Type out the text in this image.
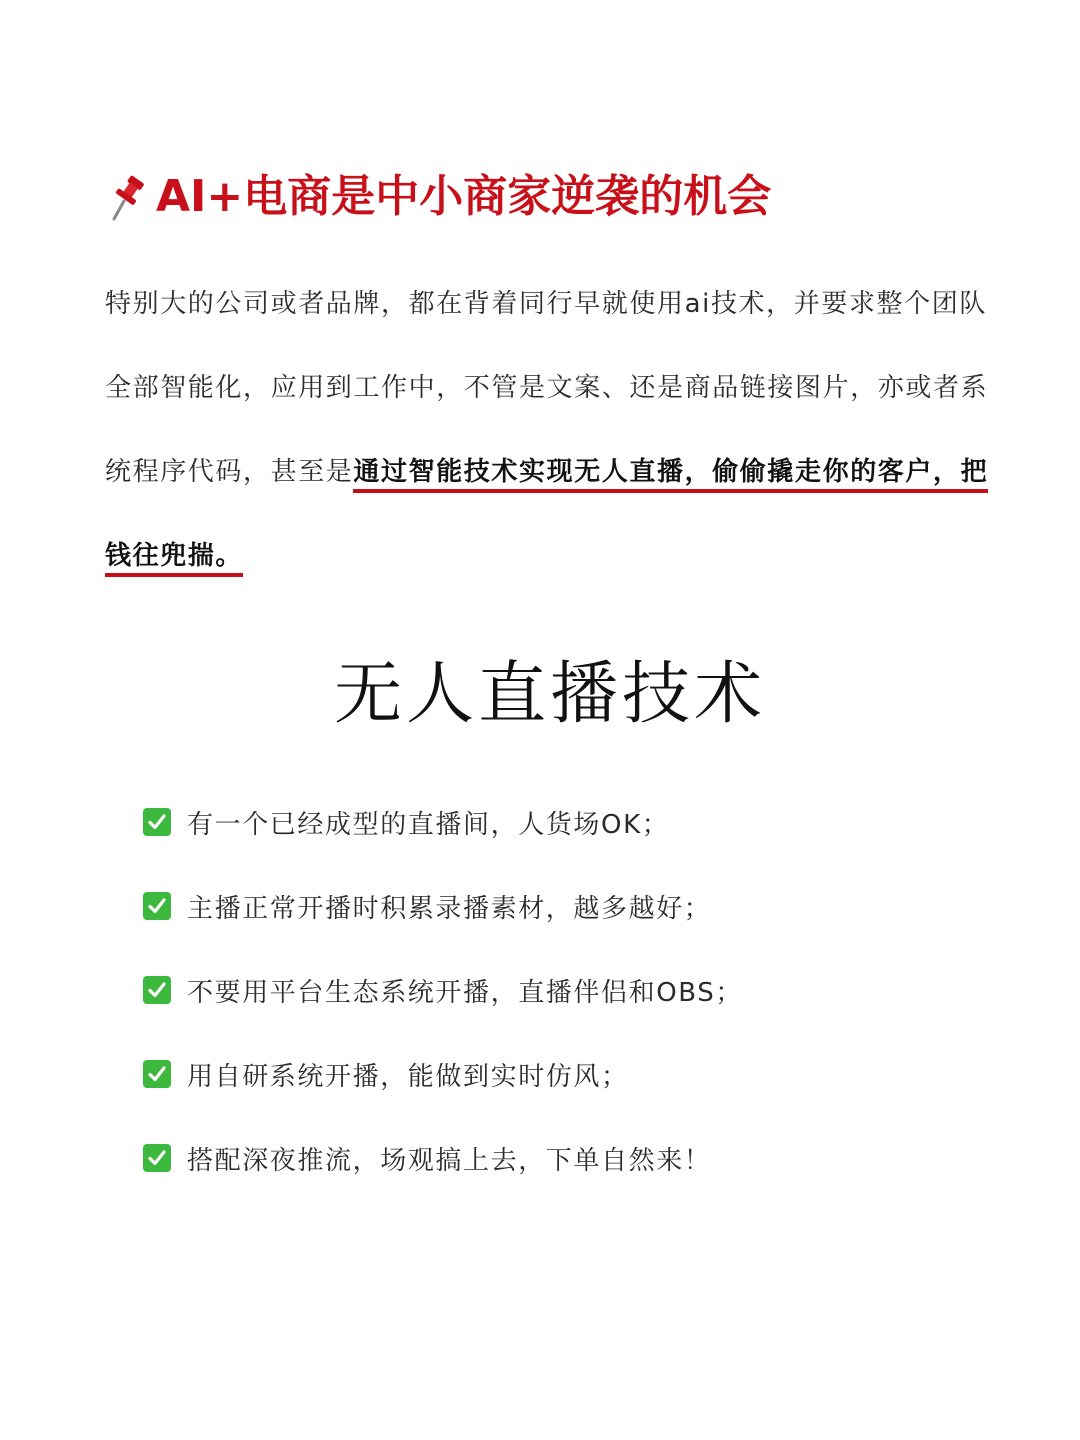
AI+电商是中小商家逆袭的机会

特别大的公司或者品牌，都在背着同行早就使用ai技术，并要求整个团队全部智能化，应用到工作中，不管是文案、还是商品链接图片，亦或者系统程序代码，甚至是通过智能技术实现无人直播，偷偷撬走你的客户，把钱往兜揣。

无人直播技术
有一个已经成型的直播间，人货场OK；
主播正常开播时积累录播素材，越多越好；
不要用平台生态系统开播，直播伴侣和OBS；
用自研系统开播，能做到实时仿风；
搭配深夜推流，场观搞上去，下单自然来！
